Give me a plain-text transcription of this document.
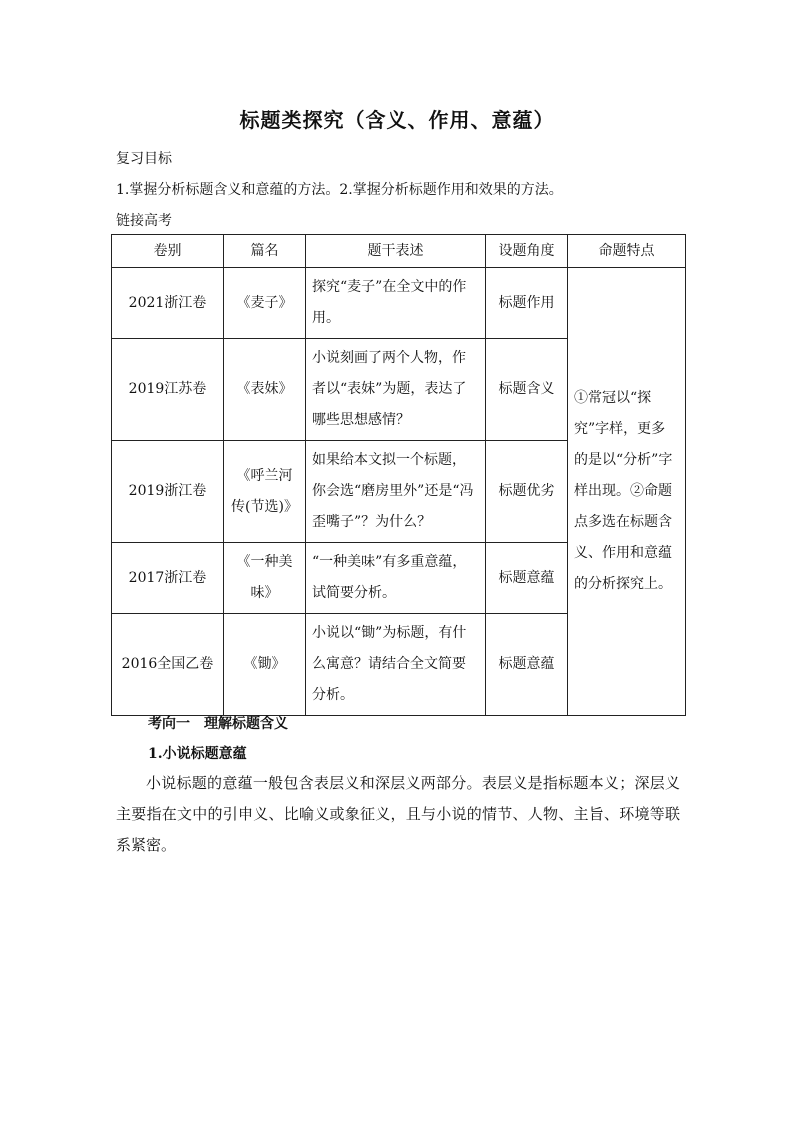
标题类探究（含义、作用、意蕴）
复习目标
1.掌握分析标题含义和意蕴的方法。2.掌握分析标题作用和效果的方法。
链接高考
卷别	篇名	题干表述	设题角度	命题特点
2021浙江卷	《麦子》	探究“麦子”在全文中的作用。	标题作用	①常冠以“探究”字样，更多的是以“分析”字样出现。②命题点多选在标题含义、作用和意蕴的分析探究上。
2019江苏卷	《表妹》	小说刻画了两个人物，作者以“表妹”为题，表达了哪些思想感情？	标题含义	
2019浙江卷	《呼兰河传(节选)》	如果给本文拟一个标题，你会选“磨房里外”还是“冯歪嘴子”？为什么？	标题优劣	
2017浙江卷	《一种美味》	“一种美味”有多重意蕴，试简要分析。	标题意蕴	
2016全国乙卷	《锄》	小说以“锄”为标题，有什么寓意？请结合全文简要分析。	标题意蕴	
考向一　理解标题含义
1.小说标题意蕴
小说标题的意蕴一般包含表层义和深层义两部分。表层义是指标题本义；深层义主要指在文中的引申义、比喻义或象征义，且与小说的情节、人物、主旨、环境等联系紧密。
